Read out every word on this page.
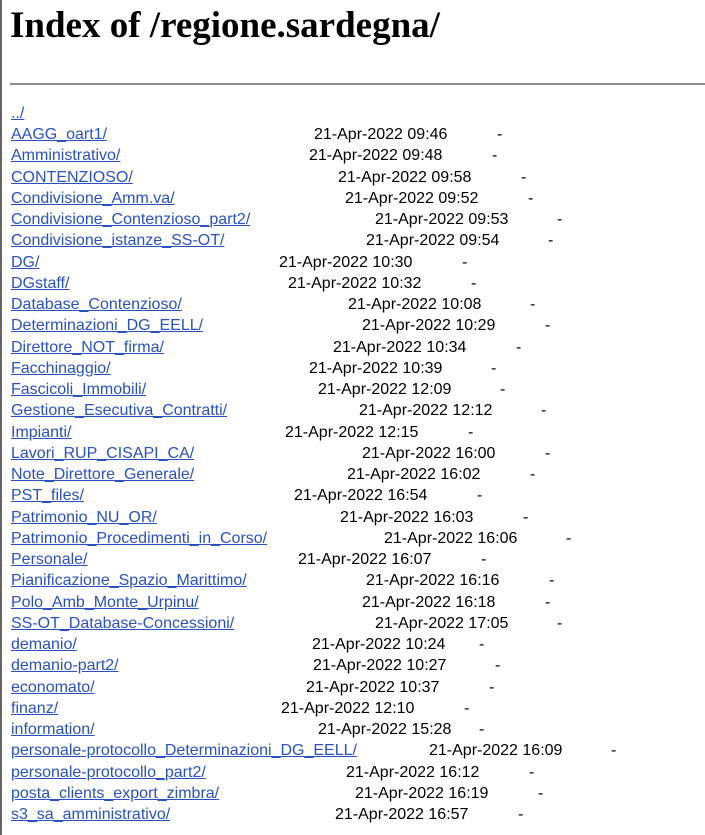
Index of /regione.sardegna/
../
AAGG_oart1/	21-Apr-2022 09:46	-
Amministrativo/	21-Apr-2022 09:48	-
CONTENZIOSO/	21-Apr-2022 09:58	-
Condivisione_Amm.va/	21-Apr-2022 09:52	-
Condivisione_Contenzioso_part2/	21-Apr-2022 09:53	-
Condivisione_istanze_SS-OT/	21-Apr-2022 09:54	-
DG/	21-Apr-2022 10:30	-
DGstaff/	21-Apr-2022 10:32	-
Database_Contenzioso/	21-Apr-2022 10:08	-
Determinazioni_DG_EELL/	21-Apr-2022 10:29	-
Direttore_NOT_firma/	21-Apr-2022 10:34	-
Facchinaggio/	21-Apr-2022 10:39	-
Fascicoli_Immobili/	21-Apr-2022 12:09	-
Gestione_Esecutiva_Contratti/	21-Apr-2022 12:12	-
Impianti/	21-Apr-2022 12:15	-
Lavori_RUP_CISAPI_CA/	21-Apr-2022 16:00	-
Note_Direttore_Generale/	21-Apr-2022 16:02	-
PST_files/	21-Apr-2022 16:54	-
Patrimonio_NU_OR/	21-Apr-2022 16:03	-
Patrimonio_Procedimenti_in_Corso/	21-Apr-2022 16:06	-
Personale/	21-Apr-2022 16:07	-
Pianificazione_Spazio_Marittimo/	21-Apr-2022 16:16	-
Polo_Amb_Monte_Urpinu/	21-Apr-2022 16:18	-
SS-OT_Database-Concessioni/	21-Apr-2022 17:05	-
demanio/	21-Apr-2022 10:24 -
demanio-part2/	21-Apr-2022 10:27	-
economato/	21-Apr-2022 10:37	-
finanz/	21-Apr-2022 12:10	-
information/	21-Apr-2022 15:28 -
personale-protocollo_Determinazioni_DG_EELL/	21-Apr-2022 16:09	-
personale-protocollo_part2/	21-Apr-2022 16:12	-
posta_clients_export_zimbra/	21-Apr-2022 16:19	-
s3_sa_amministrativo/	21-Apr-2022 16:57	-
